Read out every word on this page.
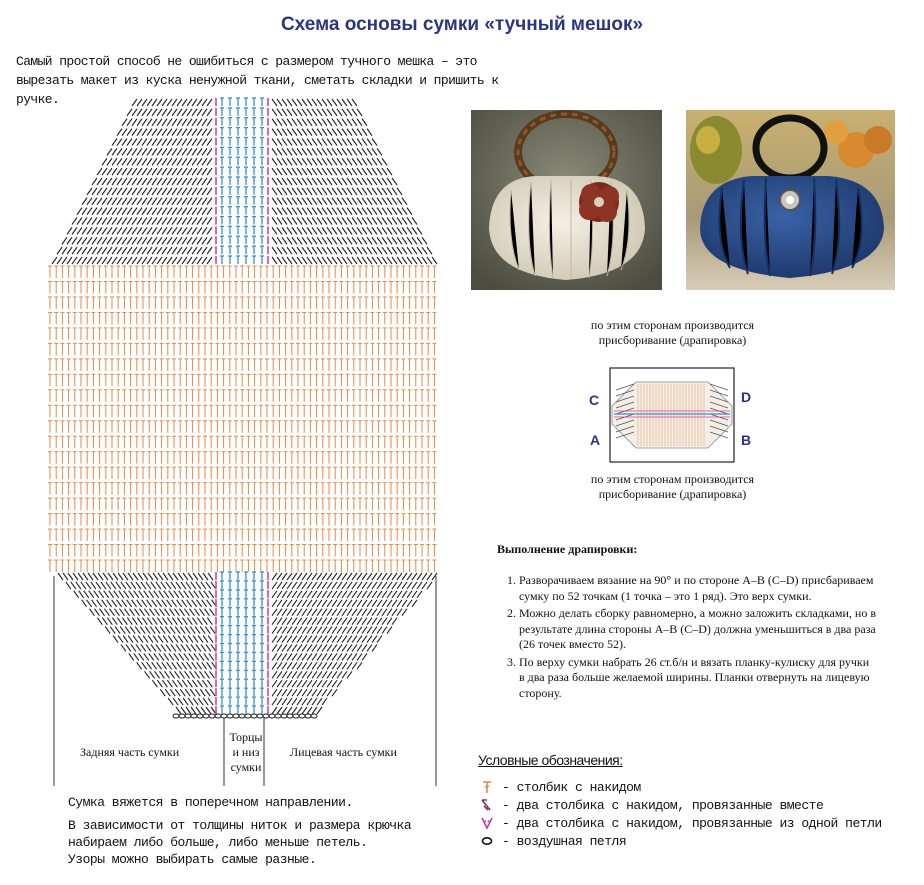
Схема основы сумки «тучный мешок»
Самый простой способ не ошибиться с размером тучного мешка – это вырезать макет из куска ненужной ткани, сметать складки и пришить к ручке.
Задняя часть сумки
Торцы и низ сумки
Лицевая часть сумки
по этим сторонам производится присборивание (драпировка)
C	D
A	B
по этим сторонам производится присборивание (драпировка)
Выполнение драпировки:
1. Разворачиваем вязание на 90° и по стороне А–В (С–D) присбариваем сумку по 52 точкам (1 точка – это 1 ряд). Это верх сумки.
2. Можно делать сборку равномерно, а можно заложить складками, но в результате длина стороны А–В (С–D) должна уменьшиться в два раза (26 точек вместо 52).
3. По верху сумки набрать 26 ст.б/н и вязать планку-кулиску для ручки в два раза больше желаемой ширины. Планки отвернуть на лицевую сторону.
Условные обозначения:
- столбик с накидом
- два столбика с накидом, провязанные вместе
- два столбика с накидом, провязанные из одной петли
- воздушная петля
Сумка вяжется в поперечном направлении.
В зависимости от толщины ниток и размера крючка набираем либо больше, либо меньше петель.
Узоры можно выбирать самые разные.
